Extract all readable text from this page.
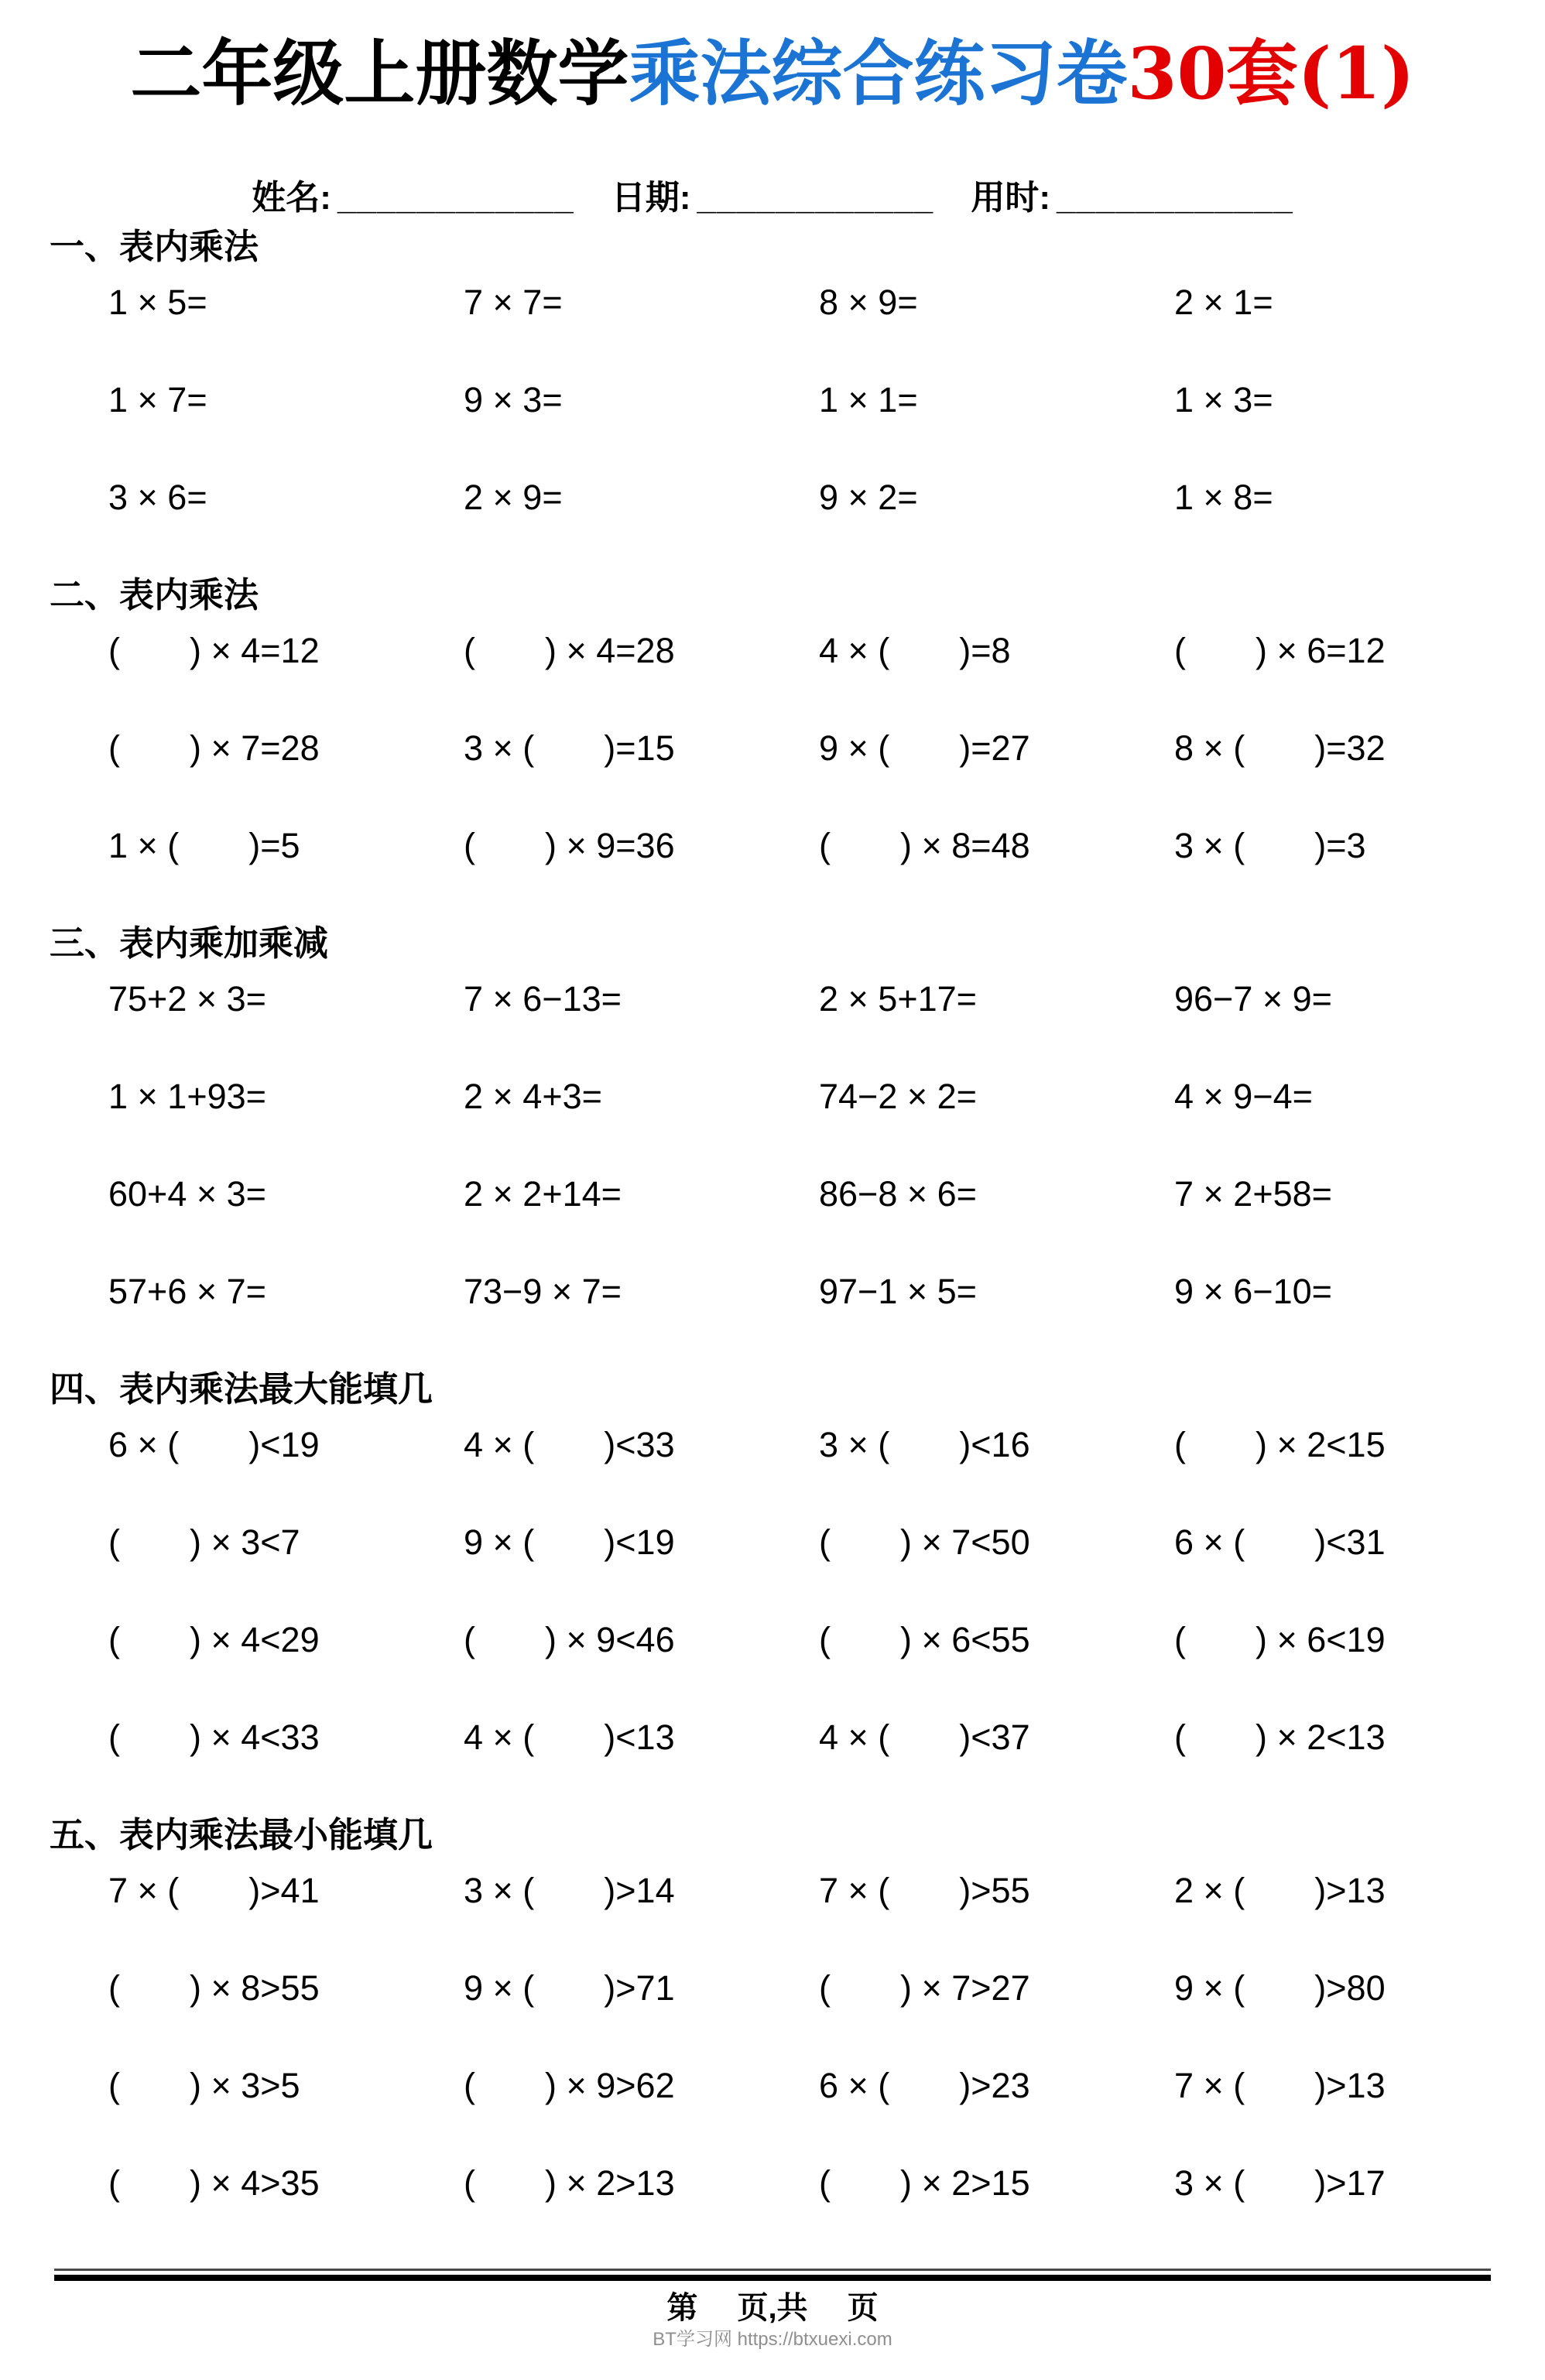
二年级上册数学乘法综合练习卷30套(1)
姓名: ____________ 日期: ____________ 用时: ____________
一、表内乘法
1 × 5=	7 × 7=	8 × 9=	2 × 1=
1 × 7=	9 × 3=	1 × 1=	1 × 3=
3 × 6=	2 × 9=	9 × 2=	1 × 8=
二、表内乘法
(　　) × 4=12	(　　) × 4=28	4 × (　　)=8	(　　) × 6=12
(　　) × 7=28	3 × (　　)=15	9 × (　　)=27	8 × (　　)=32
1 × (　　)=5	(　　) × 9=36	(　　) × 8=48	3 × (　　)=3
三、表内乘加乘减
75+2 × 3=	7 × 6−13=	2 × 5+17=	96−7 × 9=
1 × 1+93=	2 × 4+3=	74−2 × 2=	4 × 9−4=
60+4 × 3=	2 × 2+14=	86−8 × 6=	7 × 2+58=
57+6 × 7=	73−9 × 7=	97−1 × 5=	9 × 6−10=
四、表内乘法最大能填几
6 × (　　)<19	4 × (　　)<33	3 × (　　)<16	(　　) × 2<15
(　　) × 3<7	9 × (　　)<19	(　　) × 7<50	6 × (　　)<31
(　　) × 4<29	(　　) × 9<46	(　　) × 6<55	(　　) × 6<19
(　　) × 4<33	4 × (　　)<13	4 × (　　)<37	(　　) × 2<13
五、表内乘法最小能填几
7 × (　　)>41	3 × (　　)>14	7 × (　　)>55	2 × (　　)>13
(　　) × 8>55	9 × (　　)>71	(　　) × 7>27	9 × (　　)>80
(　　) × 3>5	(　　) × 9>62	6 × (　　)>23	7 × (　　)>13
(　　) × 4>35	(　　) × 2>13	(　　) × 2>15	3 × (　　)>17
第　 页,共　 页
BT学习网 https://btxuexi.com
